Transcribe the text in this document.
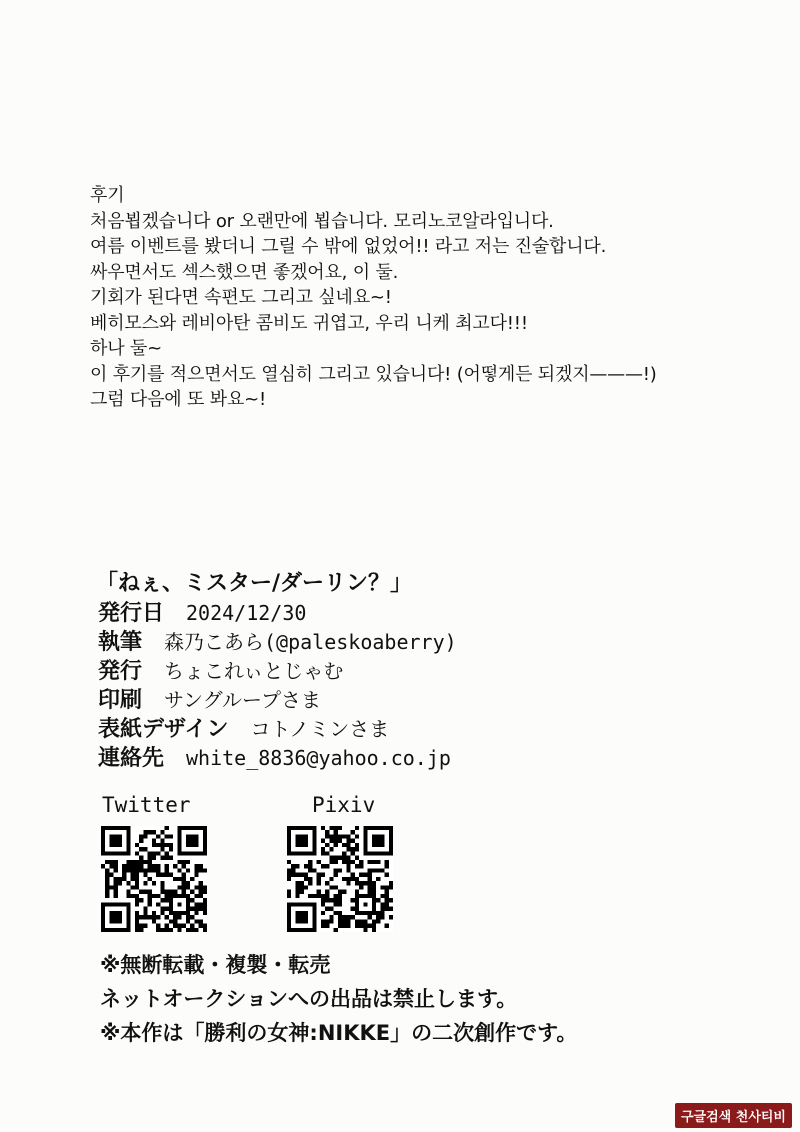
후기
처음뵙겠습니다 or 오랜만에 뵙습니다. 모리노코알라입니다.
여름 이벤트를 봤더니 그릴 수 밖에 없었어!! 라고 저는 진술합니다.
싸우면서도 섹스했으면 좋겠어요, 이 둘.
기회가 된다면 속편도 그리고 싶네요~!
베히모스와 레비아탄 콤비도 귀엽고, 우리 니케 최고다!!!
하나 둘~
이 후기를 적으면서도 열심히 그리고 있습니다! (어떻게든 되겠지———!)
그럼 다음에 또 봐요~!
「ねぇ、ミスター/ダーリン？」
発行日 2024/12/30
執筆 森乃こあら(@paleskoaberry)
発行 ちょこれぃとじゃむ
印刷 サングループさま
表紙デザイン コトノミンさま
連絡先 white_8836@yahoo.co.jp
Twitter	Pixiv
※無断転載・複製・転売
ネットオークションへの出品は禁止します。
※本作は「勝利の女神:NIKKE」の二次創作です。
구글검색 천사티비
